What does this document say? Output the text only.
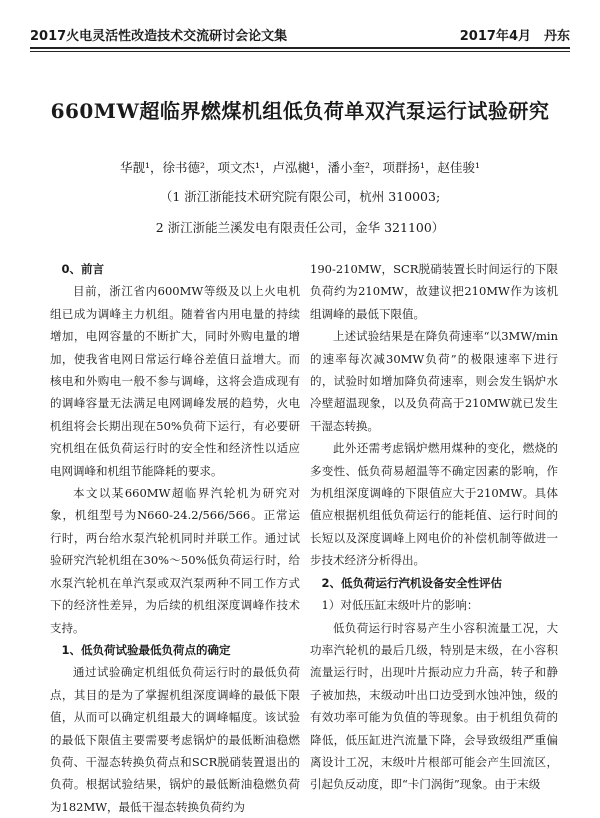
2017火电灵活性改造技术交流研讨会论文集	2017年4月　丹东
660MW超临界燃煤机组低负荷单双汽泵运行试验研究
华靓¹，徐书德²，项文杰¹，卢泓樾¹，潘小奎²，项群扬¹，赵佳骏¹
（1 浙江浙能技术研究院有限公司，杭州 310003;
2 浙江浙能兰溪发电有限责任公司，金华 321100）

0、前言

目前，浙江省内600MW等级及以上火电机组已成为调峰主力机组。随着省内用电量的持续增加，电网容量的不断扩大，同时外购电量的增加，使我省电网日常运行峰谷差值日益增大。而核电和外购电一般不参与调峰，这将会造成现有的调峰容量无法满足电网调峰发展的趋势，火电机组将会长期出现在50%负荷下运行，有必要研究机组在低负荷运行时的安全性和经济性以适应电网调峰和机组节能降耗的要求。

本文以某660MW超临界汽轮机为研究对象，机组型号为N660-24.2/566/566。正常运行时，两台给水泵汽轮机同时并联工作。通过试验研究汽轮机组在30%～50%低负荷运行时，给水泵汽轮机在单汽泵或双汽泵两种不同工作方式下的经济性差异，为后续的机组深度调峰作技术支持。

1、低负荷试验最低负荷点的确定

通过试验确定机组低负荷运行时的最低负荷点，其目的是为了掌握机组深度调峰的最低下限值，从而可以确定机组最大的调峰幅度。该试验的最低下限值主要需要考虑锅炉的最低断油稳燃负荷、干湿态转换负荷点和SCR脱硝装置退出的负荷。根据试验结果，锅炉的最低断油稳燃负荷为182MW，最低干湿态转换负荷约为

190-210MW，SCR脱硝装置长时间运行的下限负荷约为210MW，故建议把210MW作为该机组调峰的最低下限值。

上述试验结果是在降负荷速率“以3MW/min的速率每次减30MW负荷”的极限速率下进行的，试验时如增加降负荷速率，则会发生锅炉水冷壁超温现象，以及负荷高于210MW就已发生干湿态转换。

此外还需考虑锅炉燃用煤种的变化，燃烧的多变性、低负荷易超温等不确定因素的影响，作为机组深度调峰的下限值应大于210MW。具体值应根据机组低负荷运行的能耗值、运行时间的长短以及深度调峰上网电价的补偿机制等做进一步技术经济分析得出。

2、低负荷运行汽机设备安全性评估

1）对低压缸末级叶片的影响：

低负荷运行时容易产生小容积流量工况，大功率汽轮机的最后几级，特别是末级，在小容积流量运行时，出现叶片振动应力升高，转子和静子被加热，末级动叶出口边受到水蚀冲蚀，级的有效功率可能为负值的等现象。由于机组负荷的降低，低压缸进汽流量下降，会导致级组严重偏离设计工况，末级叶片根部可能会产生回流区，引起负反动度，即“卡门涡街”现象。由于末级
